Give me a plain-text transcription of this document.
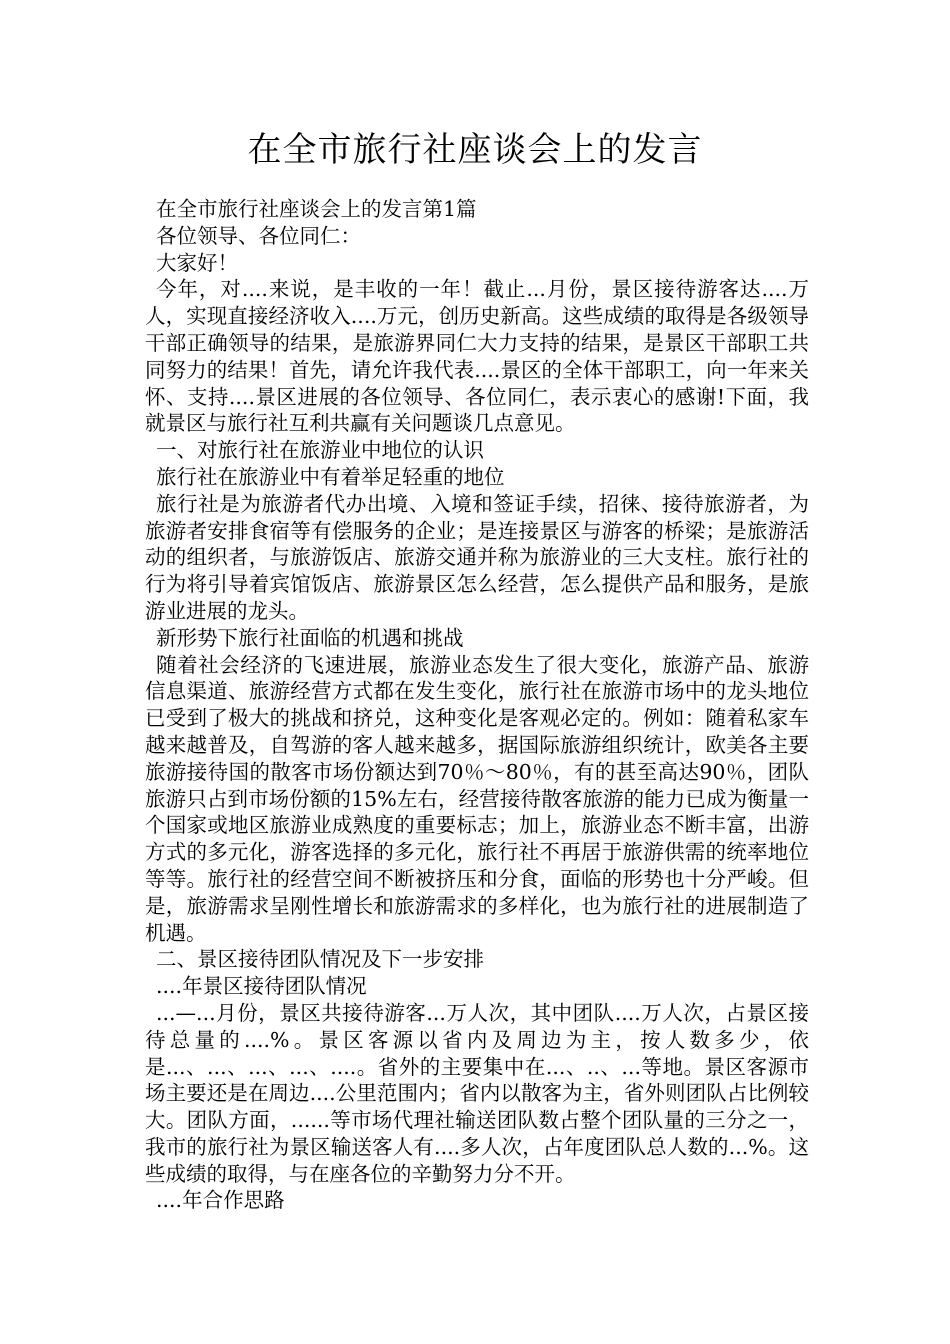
在全市旅行社座谈会上的发言

在全市旅行社座谈会上的发言第1篇

各位领导、各位同仁：

大家好！

今年，对....来说，是丰收的一年！截止...月份，景区接待游客达....万人，实现直接经济收入....万元，创历史新高。这些成绩的取得是各级领导干部正确领导的结果，是旅游界同仁大力支持的结果，是景区干部职工共同努力的结果！首先，请允许我代表....景区的全体干部职工，向一年来关怀、支持....景区进展的各位领导、各位同仁，表示衷心的感谢!下面，我就景区与旅行社互利共赢有关问题谈几点意见。

一、对旅行社在旅游业中地位的认识

旅行社在旅游业中有着举足轻重的地位

旅行社是为旅游者代办出境、入境和签证手续，招徕、接待旅游者，为旅游者安排食宿等有偿服务的企业；是连接景区与游客的桥梁；是旅游活动的组织者，与旅游饭店、旅游交通并称为旅游业的三大支柱。旅行社的行为将引导着宾馆饭店、旅游景区怎么经营，怎么提供产品和服务，是旅游业进展的龙头。

新形势下旅行社面临的机遇和挑战

随着社会经济的飞速进展，旅游业态发生了很大变化，旅游产品、旅游信息渠道、旅游经营方式都在发生变化，旅行社在旅游市场中的龙头地位已受到了极大的挑战和挤兑，这种变化是客观必定的。例如：随着私家车越来越普及，自驾游的客人越来越多，据国际旅游组织统计，欧美各主要旅游接待国的散客市场份额达到70％～80％，有的甚至高达90％，团队旅游只占到市场份额的15%左右，经营接待散客旅游的能力已成为衡量一个国家或地区旅游业成熟度的重要标志；加上，旅游业态不断丰富，出游方式的多元化，游客选择的多元化，旅行社不再居于旅游供需的统率地位等等。旅行社的经营空间不断被挤压和分食，面临的形势也十分严峻。但是，旅游需求呈刚性增长和旅游需求的多样化，也为旅行社的进展制造了机遇。

二、景区接待团队情况及下一步安排

....年景区接待团队情况

...—...月份，景区共接待游客...万人次，其中团队....万人次，占景区接待总量的....%。景区客源以省内及周边为主，按人数多少，依是...、...、...、...、....。省外的主要集中在...、..、...等地。景区客源市场主要还是在周边....公里范围内；省内以散客为主，省外则团队占比例较大。团队方面，......等市场代理社输送团队数占整个团队量的三分之一，我市的旅行社为景区输送客人有....多人次，占年度团队总人数的...%。这些成绩的取得，与在座各位的辛勤努力分不开。

....年合作思路
